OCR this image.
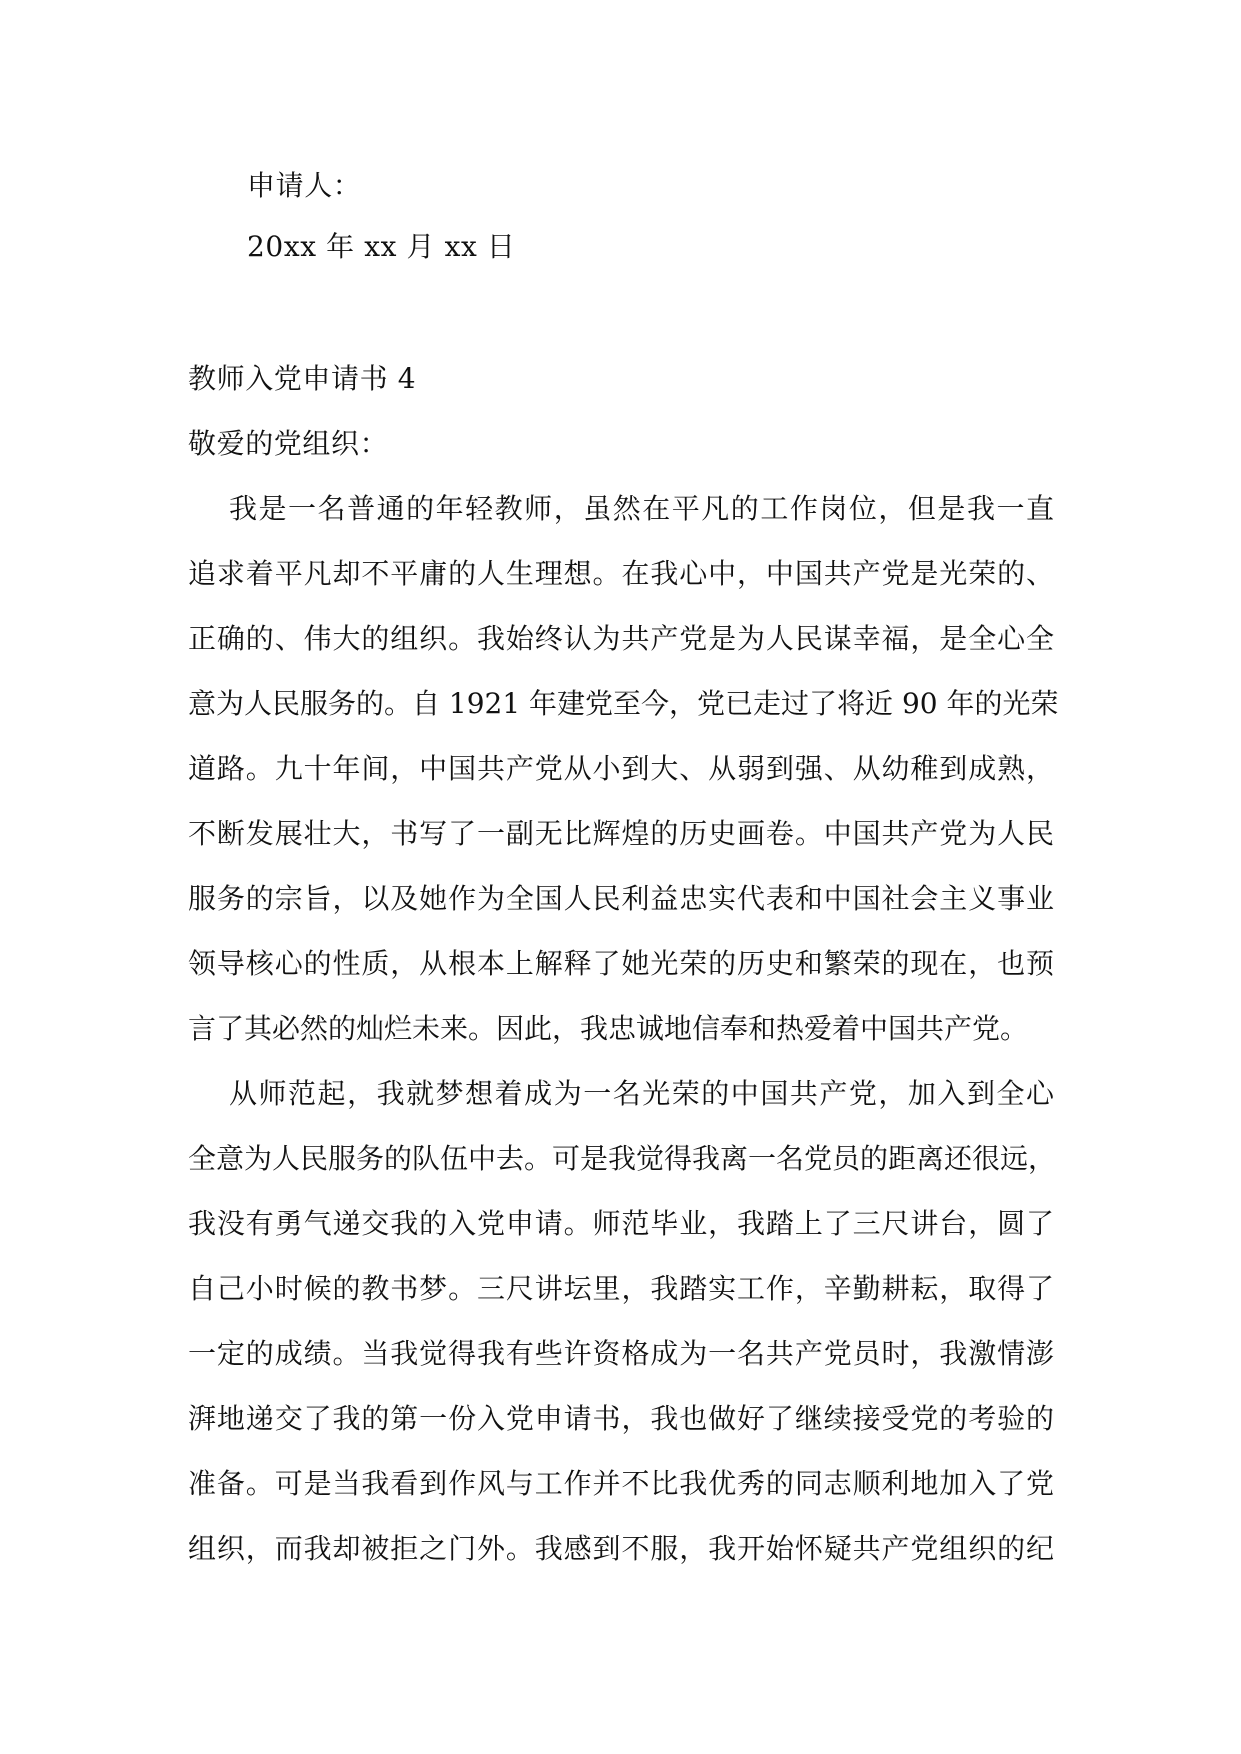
申请人：
20xx 年 xx 月 xx 日
教师入党申请书 4
敬爱的党组织：
我是一名普通的年轻教师，虽然在平凡的工作岗位，但是我一直
追求着平凡却不平庸的人生理想。在我心中，中国共产党是光荣的、
正确的、伟大的组织。我始终认为共产党是为人民谋幸福，是全心全
意为人民服务的。自 1921 年建党至今，党已走过了将近 90 年的光荣
道路。九十年间，中国共产党从小到大、从弱到强、从幼稚到成熟，
不断发展壮大，书写了一副无比辉煌的历史画卷。中国共产党为人民
服务的宗旨，以及她作为全国人民利益忠实代表和中国社会主义事业
领导核心的性质，从根本上解释了她光荣的历史和繁荣的现在，也预
言了其必然的灿烂未来。因此，我忠诚地信奉和热爱着中国共产党。
从师范起，我就梦想着成为一名光荣的中国共产党，加入到全心
全意为人民服务的队伍中去。可是我觉得我离一名党员的距离还很远，
我没有勇气递交我的入党申请。师范毕业，我踏上了三尺讲台，圆了
自己小时候的教书梦。三尺讲坛里，我踏实工作，辛勤耕耘，取得了
一定的成绩。当我觉得我有些许资格成为一名共产党员时，我激情澎
湃地递交了我的第一份入党申请书，我也做好了继续接受党的考验的
准备。可是当我看到作风与工作并不比我优秀的同志顺利地加入了党
组织，而我却被拒之门外。我感到不服，我开始怀疑共产党组织的纪
